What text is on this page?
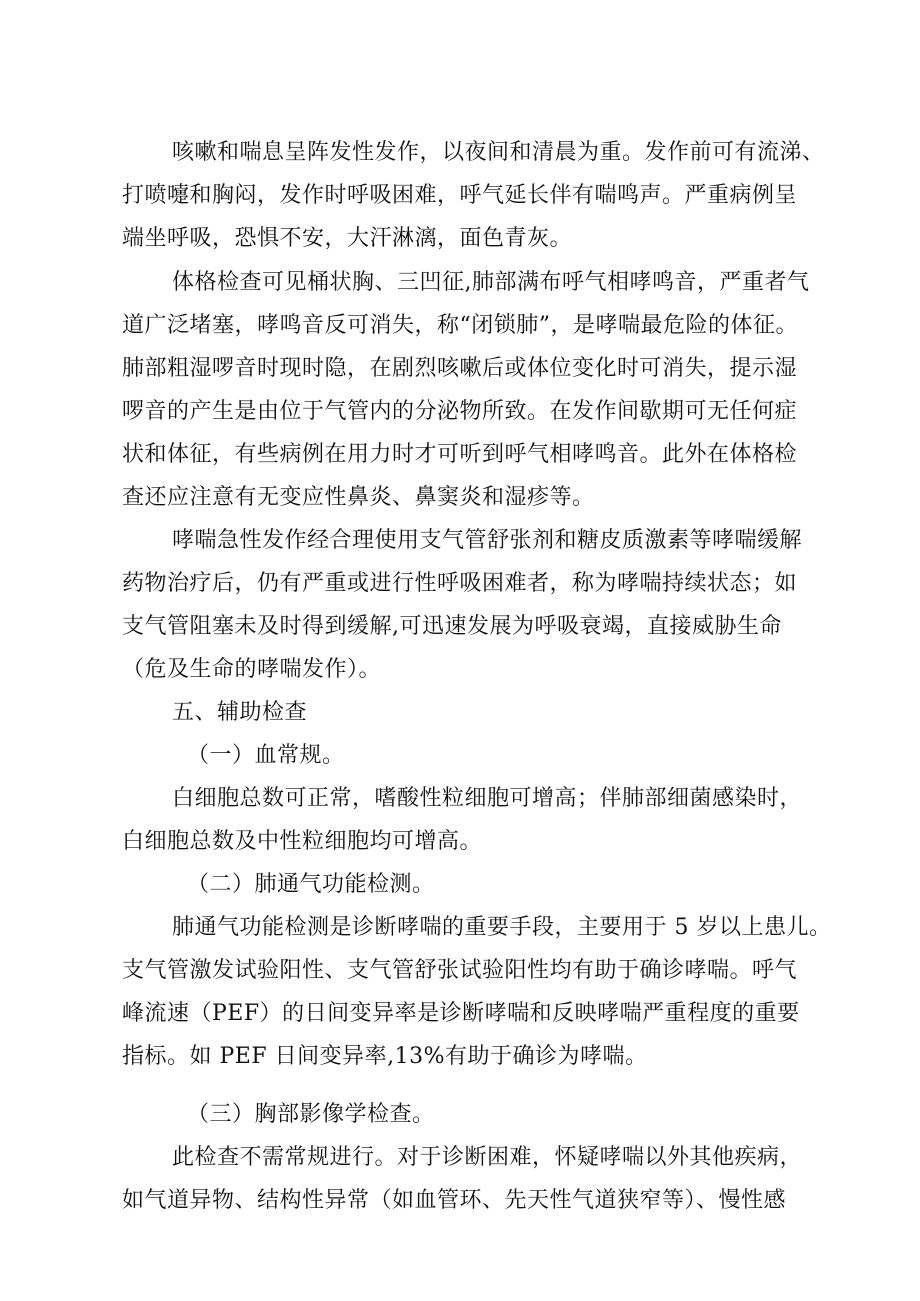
咳嗽和喘息呈阵发性发作，以夜间和清晨为重。发作前可有流涕、
打喷嚏和胸闷，发作时呼吸困难，呼气延长伴有喘鸣声。严重病例呈
端坐呼吸，恐惧不安，大汗淋漓，面色青灰。
体格检查可见桶状胸、三凹征,肺部满布呼气相哮鸣音，严重者气
道广泛堵塞，哮鸣音反可消失，称“闭锁肺”，是哮喘最危险的体征。
肺部粗湿啰音时现时隐，在剧烈咳嗽后或体位变化时可消失，提示湿
啰音的产生是由位于气管内的分泌物所致。在发作间歇期可无任何症
状和体征，有些病例在用力时才可听到呼气相哮鸣音。此外在体格检
查还应注意有无变应性鼻炎、鼻窦炎和湿疹等。
哮喘急性发作经合理使用支气管舒张剂和糖皮质激素等哮喘缓解
药物治疗后，仍有严重或进行性呼吸困难者，称为哮喘持续状态；如
支气管阻塞未及时得到缓解,可迅速发展为呼吸衰竭，直接威胁生命
（危及生命的哮喘发作）。
五、辅助检查
（一）血常规。
白细胞总数可正常，嗜酸性粒细胞可增高；伴肺部细菌感染时，
白细胞总数及中性粒细胞均可增高。
（二）肺通气功能检测。
肺通气功能检测是诊断哮喘的重要手段，主要用于 5 岁以上患儿。
支气管激发试验阳性、支气管舒张试验阳性均有助于确诊哮喘。呼气
峰流速（PEF）的日间变异率是诊断哮喘和反映哮喘严重程度的重要
指标。如 PEF 日间变异率,13%有助于确诊为哮喘。
（三）胸部影像学检查。
此检查不需常规进行。对于诊断困难，怀疑哮喘以外其他疾病，
如气道异物、结构性异常（如血管环、先天性气道狭窄等）、慢性感
